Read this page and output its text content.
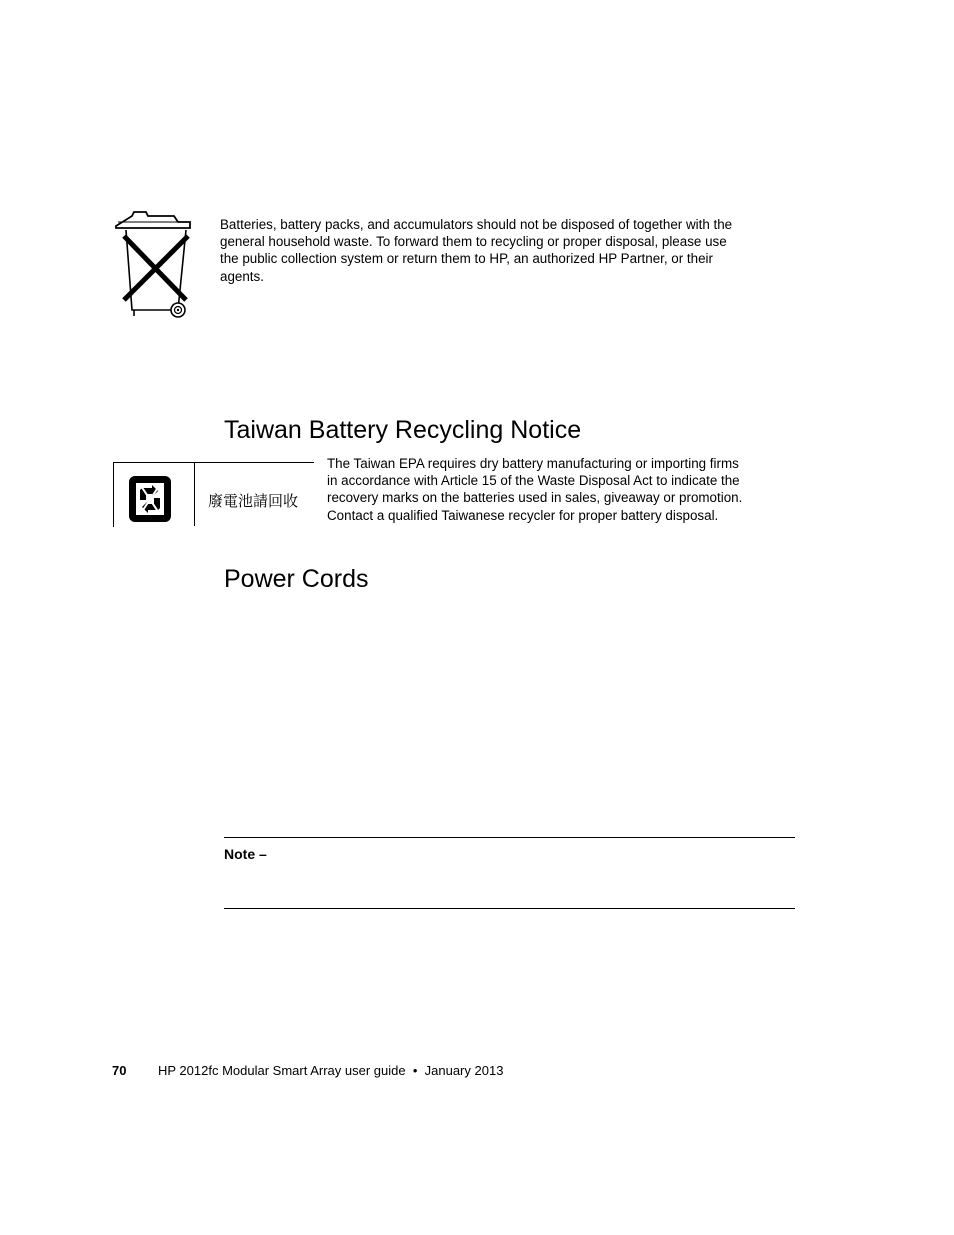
Batteries, battery packs, and accumulators should not be disposed of together with the
general household waste. To forward them to recycling or proper disposal, please use
the public collection system or return them to HP, an authorized HP Partner, or their
agents.
Taiwan Battery Recycling Notice
廢電池請回收
The Taiwan EPA requires dry battery manufacturing or importing firms
in accordance with Article 15 of the Waste Disposal Act to indicate the
recovery marks on the batteries used in sales, giveaway or promotion.
Contact a qualified Taiwanese recycler for proper battery disposal.
Power Cords
Note –
70 HP 2012fc Modular Smart Array user guide • January 2013
